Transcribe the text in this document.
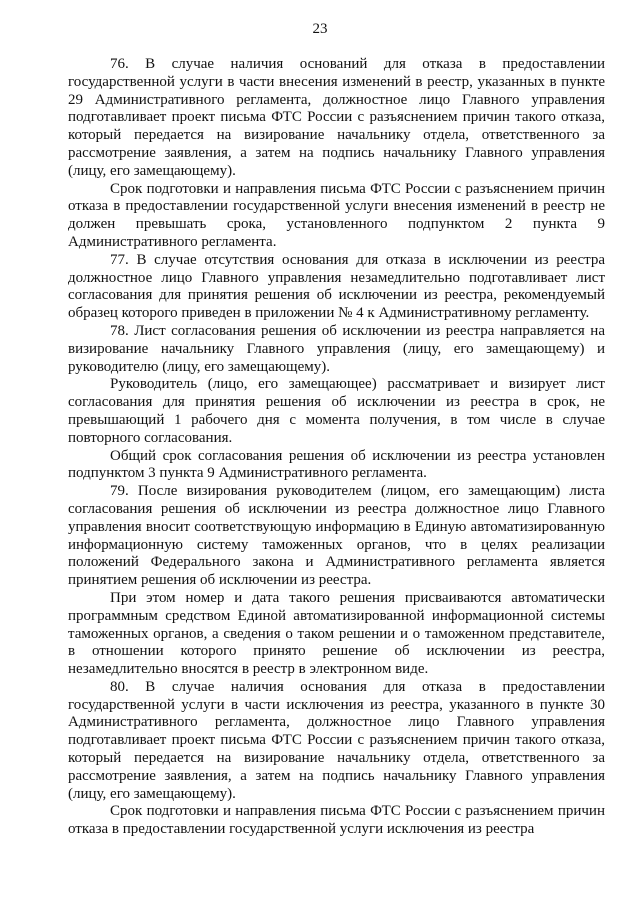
23

76. В случае наличия оснований для отказа в предоставлении государственной услуги в части внесения изменений в реестр, указанных в пункте 29 Административного регламента, должностное лицо Главного управления подготавливает проект письма ФТС России с разъяснением причин такого отказа, который передается на визирование начальнику отдела, ответственного за рассмотрение заявления, а затем на подпись начальнику Главного управления (лицу, его замещающему).

Срок подготовки и направления письма ФТС России с разъяснением причин отказа в предоставлении государственной услуги внесения изменений в реестр не должен превышать срока, установленного подпунктом 2 пункта 9 Административного регламента.

77. В случае отсутствия основания для отказа в исключении из реестра должностное лицо Главного управления незамедлительно подготавливает лист согласования для принятия решения об исключении из реестра, рекомендуемый образец которого приведен в приложении № 4 к Административному регламенту.

78. Лист согласования решения об исключении из реестра направляется на визирование начальнику Главного управления (лицу, его замещающему) и руководителю (лицу, его замещающему).

Руководитель (лицо, его замещающее) рассматривает и визирует лист согласования для принятия решения об исключении из реестра в срок, не превышающий 1 рабочего дня с момента получения, в том числе в случае повторного согласования.

Общий срок согласования решения об исключении из реестра установлен подпунктом 3 пункта 9 Административного регламента.

79. После визирования руководителем (лицом, его замещающим) листа согласования решения об исключении из реестра должностное лицо Главного управления вносит соответствующую информацию в Единую автоматизированную информационную систему таможенных органов, что в целях реализации положений Федерального закона и Административного регламента является принятием решения об исключении из реестра.

При этом номер и дата такого решения присваиваются автоматически программным средством Единой автоматизированной информационной системы таможенных органов, а сведения о таком решении и о таможенном представителе, в отношении которого принято решение об исключении из реестра, незамедлительно вносятся в реестр в электронном виде.

80. В случае наличия основания для отказа в предоставлении государственной услуги в части исключения из реестра, указанного в пункте 30 Административного регламента, должностное лицо Главного управления подготавливает проект письма ФТС России с разъяснением причин такого отказа, который передается на визирование начальнику отдела, ответственного за рассмотрение заявления, а затем на подпись начальнику Главного управления (лицу, его замещающему).

Срок подготовки и направления письма ФТС России с разъяснением причин отказа в предоставлении государственной услуги исключения из реестра
